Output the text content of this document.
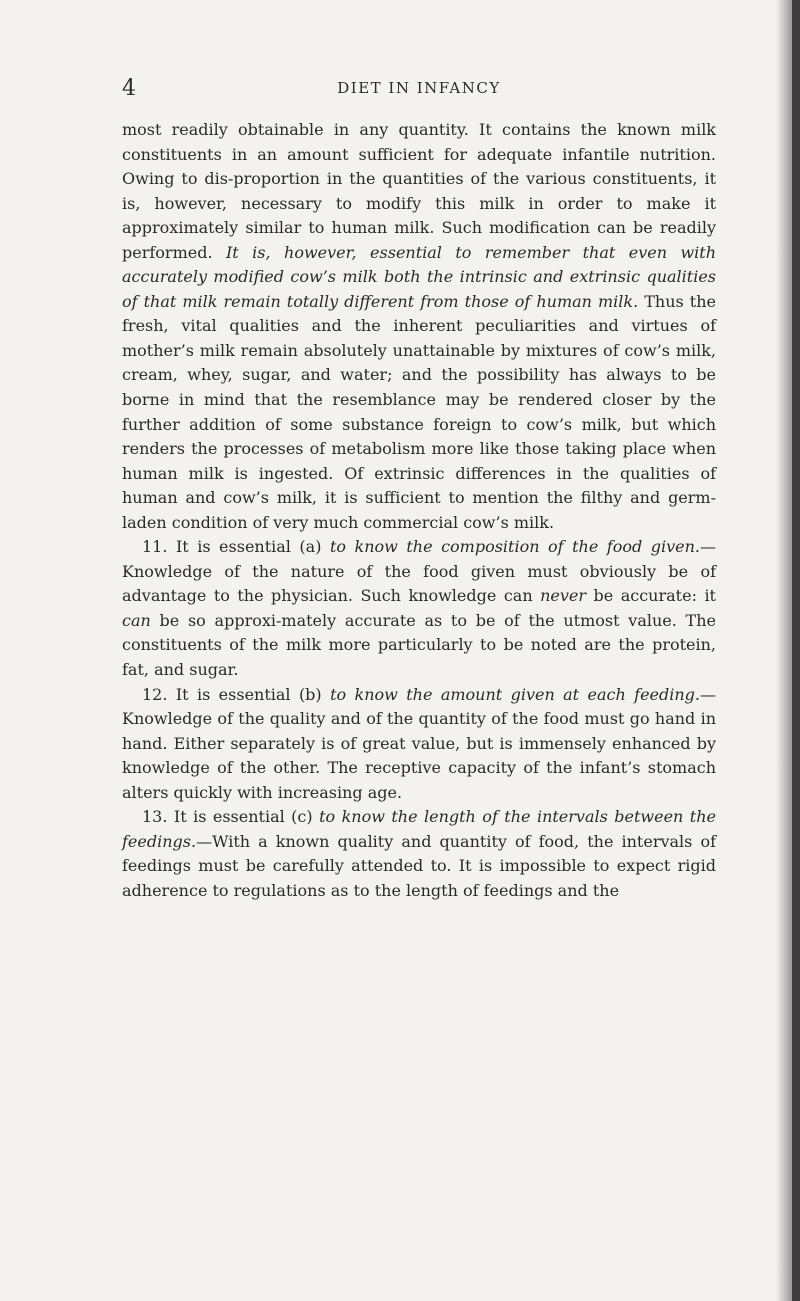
4	DIET IN INFANCY

most readily obtainable in any quantity. It contains the known milk constituents in an amount sufficient for adequate infantile nutrition. Owing to dis-proportion in the quantities of the various constituents, it is, however, necessary to modify this milk in order to make it approximately similar to human milk. Such modification can be readily performed. It is, however, essential to remember that even with accurately modified cow’s milk both the intrinsic and extrinsic qualities of that milk remain totally different from those of human milk. Thus the fresh, vital qualities and the inherent peculiarities and virtues of mother’s milk remain absolutely unattainable by mixtures of cow’s milk, cream, whey, sugar, and water; and the possibility has always to be borne in mind that the resemblance may be rendered closer by the further addition of some substance foreign to cow’s milk, but which renders the processes of metabolism more like those taking place when human milk is ingested. Of extrinsic differences in the qualities of human and cow’s milk, it is sufficient to mention the filthy and germ-laden condition of very much commercial cow’s milk.

11. It is essential (a) to know the composition of the food given.—Knowledge of the nature of the food given must obviously be of advantage to the physician. Such knowledge can never be accurate: it can be so approxi-mately accurate as to be of the utmost value. The constituents of the milk more particularly to be noted are the protein, fat, and sugar.

12. It is essential (b) to know the amount given at each feeding.—Knowledge of the quality and of the quantity of the food must go hand in hand. Either separately is of great value, but is immensely enhanced by knowledge of the other. The receptive capacity of the infant’s stomach alters quickly with increasing age.

13. It is essential (c) to know the length of the intervals between the feedings.—With a known quality and quantity of food, the intervals of feedings must be carefully attended to. It is impossible to expect rigid adherence to regulations as to the length of feedings and the
